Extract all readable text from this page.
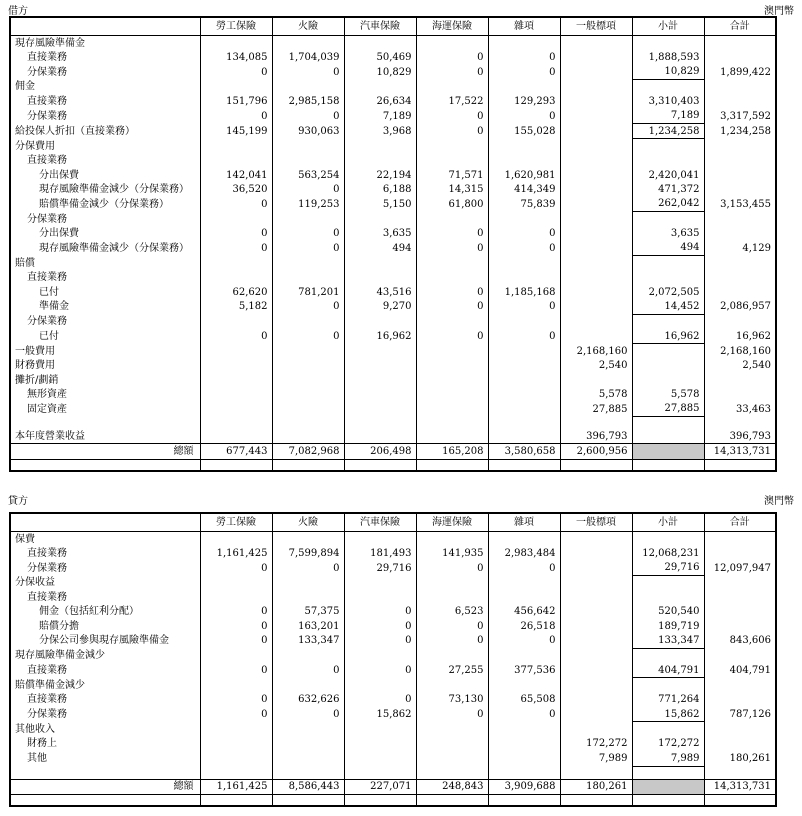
借方	澳門幣
	勞工保險	火險	汽車保險	海運保險	雜項	一般標項	小計	合計
現存風險準備金								
直接業務	134,085	1,704,039	50,469	0	0		1,888,593	
分保業務	0	0	10,829	0	0		10,829	1,899,422
佣金								
直接業務	151,796	2,985,158	26,634	17,522	129,293		3,310,403	
分保業務	0	0	7,189	0	0		7,189	3,317,592
給投保人折扣（直接業務）	145,199	930,063	3,968	0	155,028		1,234,258	1,234,258
分保費用								
直接業務								
分出保費	142,041	563,254	22,194	71,571	1,620,981		2,420,041	
現存風險準備金減少（分保業務）	36,520	0	6,188	14,315	414,349		471,372	
賠償準備金減少（分保業務）	0	119,253	5,150	61,800	75,839		262,042	3,153,455
分保業務								
分出保費	0	0	3,635	0	0		3,635	
現存風險準備金減少（分保業務）	0	0	494	0	0		494	4,129
賠償								
直接業務								
已付	62,620	781,201	43,516	0	1,185,168		2,072,505	
準備金	5,182	0	9,270	0	0		14,452	2,086,957
分保業務								
已付	0	0	16,962	0	0		16,962	16,962
一般費用						2,168,160		2,168,160
財務費用						2,540		2,540
攤折/劃銷								
無形資產						5,578	5,578	
固定資產						27,885	27,885	33,463

本年度營業收益						396,793		396,793
總額	677,443	7,082,968	206,498	165,208	3,580,658	2,600,956		14,313,731

貸方	澳門幣
	勞工保險	火險	汽車保險	海運保險	雜項	一般標項	小計	合計
保費								
直接業務	1,161,425	7,599,894	181,493	141,935	2,983,484		12,068,231	
分保業務	0	0	29,716	0	0		29,716	12,097,947
分保收益								
直接業務								
佣金（包括紅利分配）	0	57,375	0	6,523	456,642		520,540	
賠償分擔	0	163,201	0	0	26,518		189,719	
分保公司參與現存風險準備金	0	133,347	0	0	0		133,347	843,606
現存風險準備金減少								
直接業務	0	0	0	27,255	377,536		404,791	404,791
賠償準備金減少								
直接業務	0	632,626	0	73,130	65,508		771,264	
分保業務	0	0	15,862	0	0		15,862	787,126
其他收入								
財務上						172,272	172,272	
其他						7,989	7,989	180,261

總額	1,161,425	8,586,443	227,071	248,843	3,909,688	180,261		14,313,731
